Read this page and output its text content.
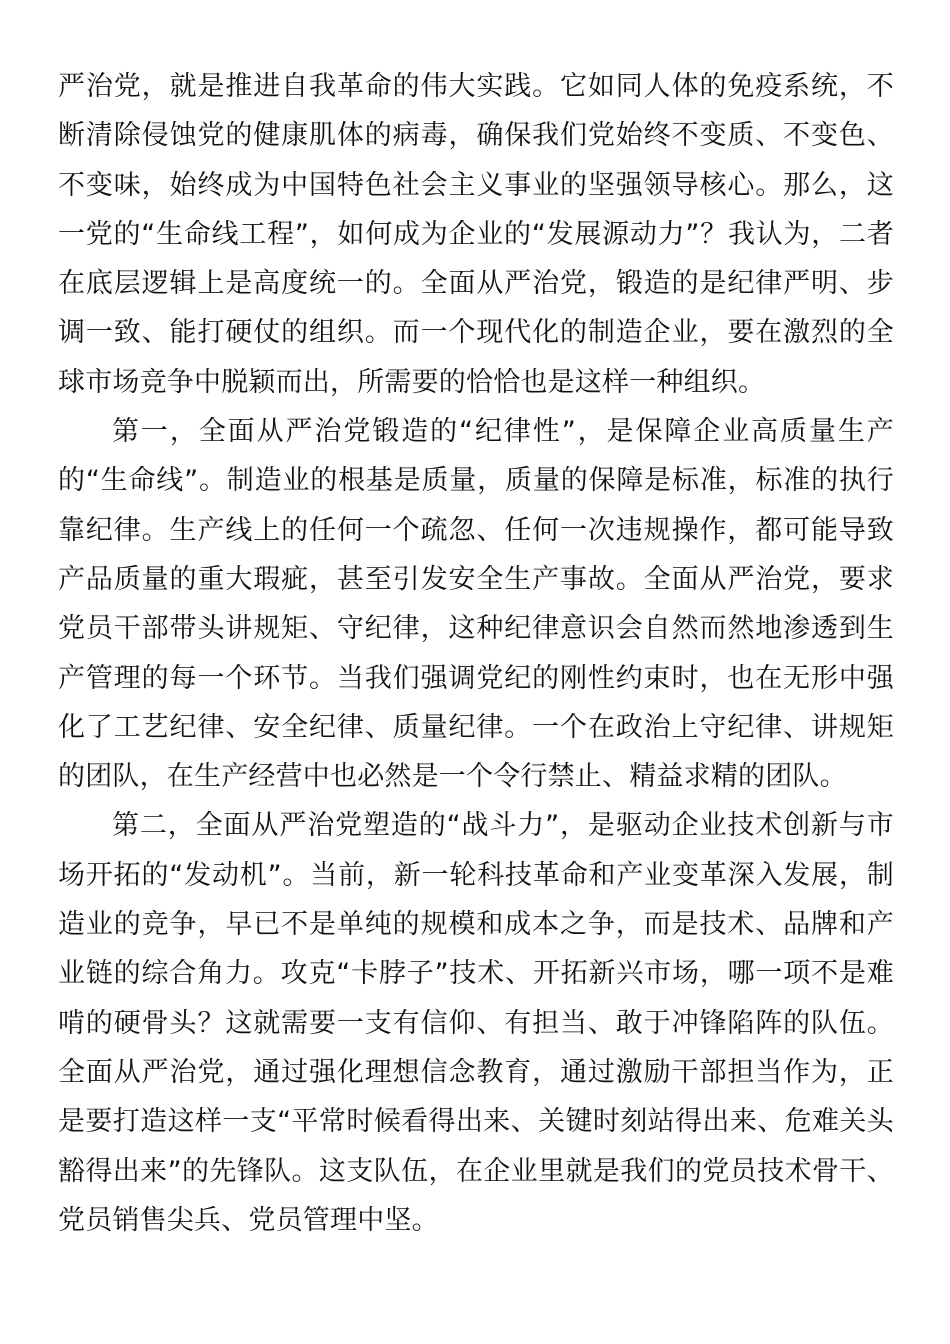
严治党，就是推进自我革命的伟大实践。它如同人体的免疫系统，不断清除侵蚀党的健康肌体的病毒，确保我们党始终不变质、不变色、不变味，始终成为中国特色社会主义事业的坚强领导核心。那么，这一党的“生命线工程”，如何成为企业的“发展源动力”？我认为，二者在底层逻辑上是高度统一的。全面从严治党，锻造的是纪律严明、步调一致、能打硬仗的组织。而一个现代化的制造企业，要在激烈的全球市场竞争中脱颖而出，所需要的恰恰也是这样一种组织。

第一，全面从严治党锻造的“纪律性”，是保障企业高质量生产的“生命线”。制造业的根基是质量，质量的保障是标准，标准的执行靠纪律。生产线上的任何一个疏忽、任何一次违规操作，都可能导致产品质量的重大瑕疵，甚至引发安全生产事故。全面从严治党，要求党员干部带头讲规矩、守纪律，这种纪律意识会自然而然地渗透到生产管理的每一个环节。当我们强调党纪的刚性约束时，也在无形中强化了工艺纪律、安全纪律、质量纪律。一个在政治上守纪律、讲规矩的团队，在生产经营中也必然是一个令行禁止、精益求精的团队。

第二，全面从严治党塑造的“战斗力”，是驱动企业技术创新与市场开拓的“发动机”。当前，新一轮科技革命和产业变革深入发展，制造业的竞争，早已不是单纯的规模和成本之争，而是技术、品牌和产业链的综合角力。攻克“卡脖子”技术、开拓新兴市场，哪一项不是难啃的硬骨头？这就需要一支有信仰、有担当、敢于冲锋陷阵的队伍。全面从严治党，通过强化理想信念教育，通过激励干部担当作为，正是要打造这样一支“平常时候看得出来、关键时刻站得出来、危难关头豁得出来”的先锋队。这支队伍，在企业里就是我们的党员技术骨干、党员销售尖兵、党员管理中坚。
